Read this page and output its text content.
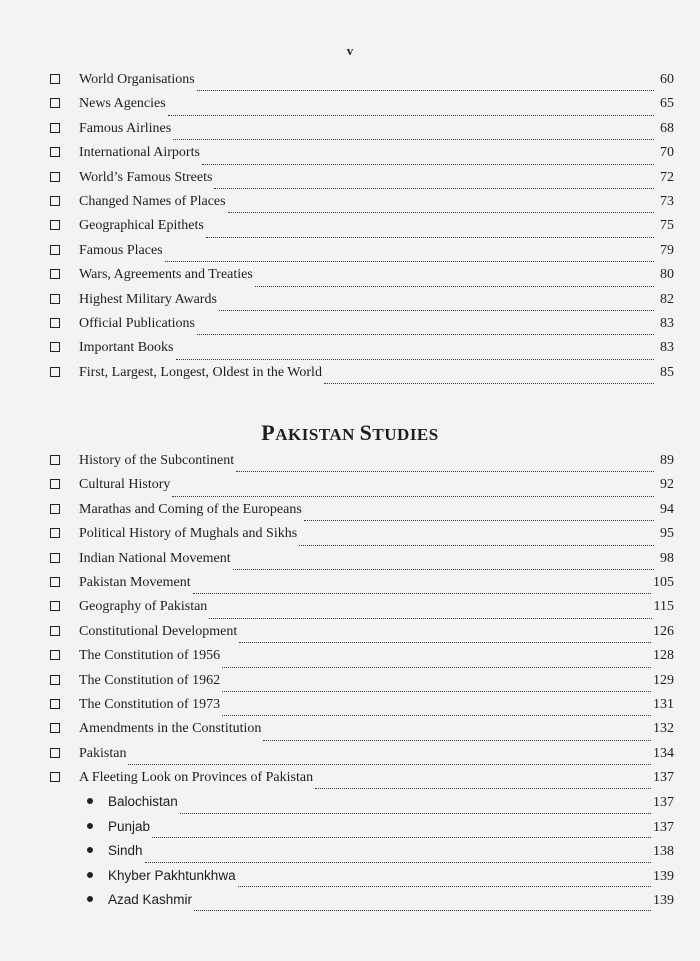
v
World Organisations	60
News Agencies	65
Famous Airlines	68
International Airports	70
World’s Famous Streets	72
Changed Names of Places	73
Geographical Epithets	75
Famous Places	79
Wars, Agreements and Treaties	80
Highest Military Awards	82
Official Publications	83
Important Books	83
First, Largest, Longest, Oldest in the World	85
PAKISTAN STUDIES
History of the Subcontinent	89
Cultural History	92
Marathas and Coming of the Europeans	94
Political History of Mughals and Sikhs	95
Indian National Movement	98
Pakistan Movement	105
Geography of Pakistan	115
Constitutional Development	126
The Constitution of 1956	128
The Constitution of 1962	129
The Constitution of 1973	131
Amendments in the Constitution	132
Pakistan	134
A Fleeting Look on Provinces of Pakistan	137
Balochistan	137
Punjab	137
Sindh	138
Khyber Pakhtunkhwa	139
Azad Kashmir	139
